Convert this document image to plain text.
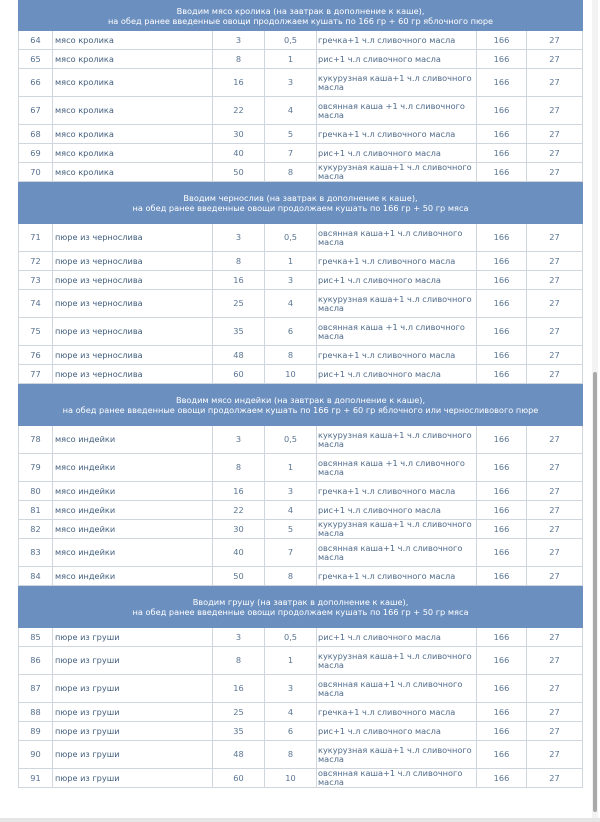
Вводим мясо кролика (на завтрак в дополнение к каше),
на обед ранее введенные овощи продолжаем кушать по 166 гр + 60 гр яблочного пюре						

64	мясо кролика	3	0,5	гречка+1 ч.л сливочного масла	166	27
65	мясо кролика	8	1	рис+1 ч.л сливочного масла	166	27
66	мясо кролика	16	3	кукурузная каша+1 ч.л сливочного масла	166	27
67	мясо кролика	22	4	овсянная каша +1 ч.л сливочного масла	166	27
68	мясо кролика	30	5	гречка+1 ч.л сливочного масла	166	27
69	мясо кролика	40	7	рис+1 ч.л сливочного масла	166	27
70	мясо кролика	50	8	кукурузная каша+1 ч.л сливочного масла	166	27

Вводим чернослив (на завтрак в дополнение к каше),
на обед ранее введенные овощи продолжаем кушать по 166 гр + 50 гр мяса						

71	пюре из чернослива	3	0,5	овсянная каша+1 ч.л сливочного масла	166	27
72	пюре из чернослива	8	1	гречка+1 ч.л сливочного масла	166	27
73	пюре из чернослива	16	3	рис+1 ч.л сливочного масла	166	27
74	пюре из чернослива	25	4	кукурузная каша+1 ч.л сливочного масла	166	27
75	пюре из чернослива	35	6	овсянная каша +1 ч.л сливочного масла	166	27
76	пюре из чернослива	48	8	гречка+1 ч.л сливочного масла	166	27
77	пюре из чернослива	60	10	рис+1 ч.л сливочного масла	166	27

Вводим мясо индейки (на завтрак в дополнение к каше),
на обед ранее введенные овощи продолжаем кушать по 166 гр + 60 гр яблочного или черносливового пюре						

78	мясо индейки	3	0,5	кукурузная каша+1 ч.л сливочного масла	166	27
79	мясо индейки	8	1	овсянная каша +1 ч.л сливочного масла	166	27
80	мясо индейки	16	3	гречка+1 ч.л сливочного масла	166	27
81	мясо индейки	22	4	рис+1 ч.л сливочного масла	166	27
82	мясо индейки	30	5	кукурузная каша+1 ч.л сливочного масла	166	27
83	мясо индейки	40	7	овсянная каша+1 ч.л сливочного масла	166	27
84	мясо индейки	50	8	гречка+1 ч.л сливочного масла	166	27

Вводим грушу (на завтрак в дополнение к каше),
на обед ранее введенные овощи продолжаем кушать по 166 гр + 50 гр мяса						

85	пюре из груши	3	0,5	рис+1 ч.л сливочного масла	166	27
86	пюре из груши	8	1	кукурузная каша+1 ч.л сливочного масла	166	27
87	пюре из груши	16	3	овсянная каша+1 ч.л сливочного масла	166	27
88	пюре из груши	25	4	гречка+1 ч.л сливочного масла	166	27
89	пюре из груши	35	6	рис+1 ч.л сливочного масла	166	27
90	пюре из груши	48	8	кукурузная каша+1 ч.л сливочного масла	166	27
91	пюре из груши	60	10	овсянная каша+1 ч.л сливочного масла	166	27
